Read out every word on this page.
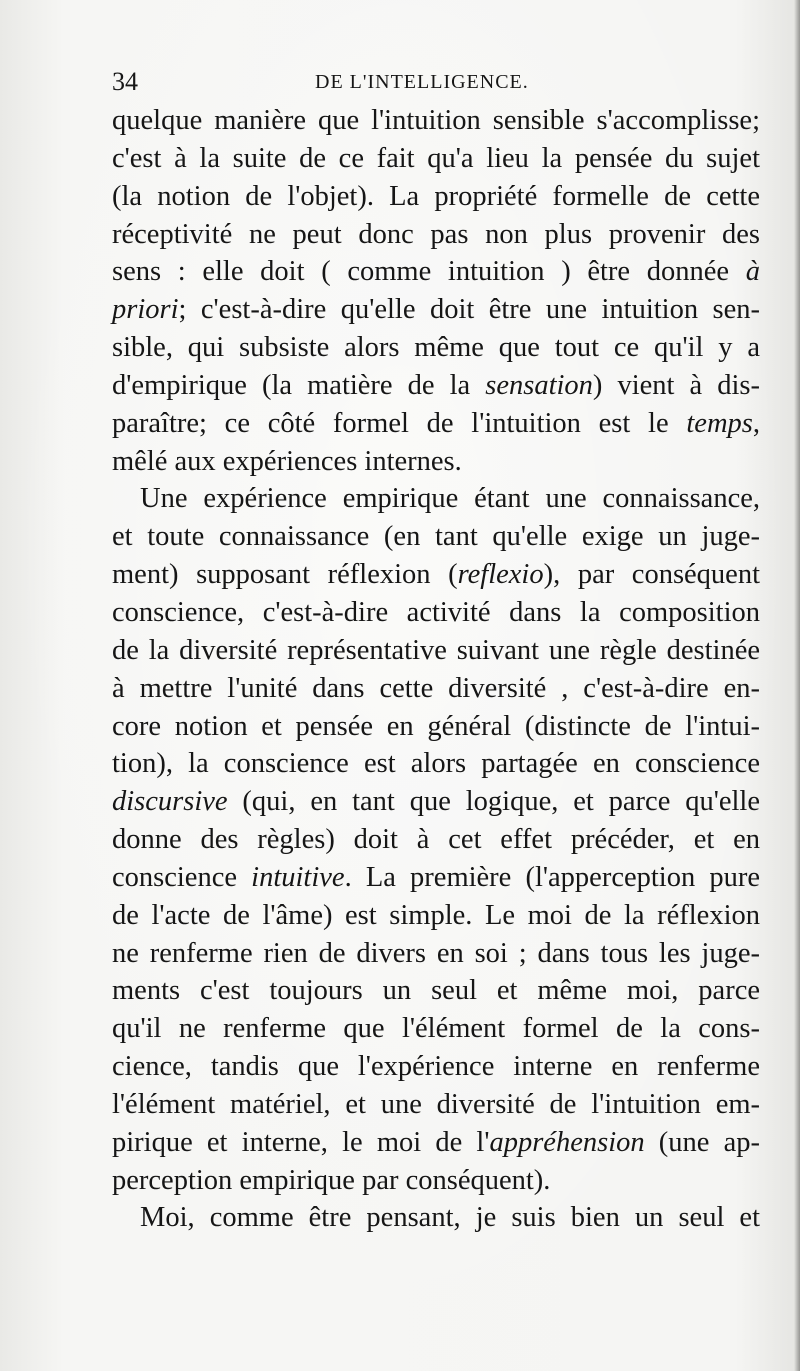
34	DE L'INTELLIGENCE.
quelque manière que l'intuition sensible s'accomplisse;
c'est à la suite de ce fait qu'a lieu la pensée du sujet
(la notion de l'objet). La propriété formelle de cette
réceptivité ne peut donc pas non plus provenir des
sens : elle doit ( comme intuition ) être donnée à
priori; c'est-à-dire qu'elle doit être une intuition sen-
sible, qui subsiste alors même que tout ce qu'il y a
d'empirique (la matière de la sensation) vient à dis-
paraître; ce côté formel de l'intuition est le temps,
mêlé aux expériences internes.
Une expérience empirique étant une connaissance,
et toute connaissance (en tant qu'elle exige un juge-
ment) supposant réflexion (reflexio), par conséquent
conscience, c'est-à-dire activité dans la composition
de la diversité représentative suivant une règle destinée
à mettre l'unité dans cette diversité , c'est-à-dire en-
core notion et pensée en général (distincte de l'intui-
tion), la conscience est alors partagée en conscience
discursive (qui, en tant que logique, et parce qu'elle
donne des règles) doit à cet effet précéder, et en
conscience intuitive. La première (l'apperception pure
de l'acte de l'âme) est simple. Le moi de la réflexion
ne renferme rien de divers en soi ; dans tous les juge-
ments c'est toujours un seul et même moi, parce
qu'il ne renferme que l'élément formel de la cons-
cience, tandis que l'expérience interne en renferme
l'élément matériel, et une diversité de l'intuition em-
pirique et interne, le moi de l'appréhension (une ap-
perception empirique par conséquent).
Moi, comme être pensant, je suis bien un seul et
